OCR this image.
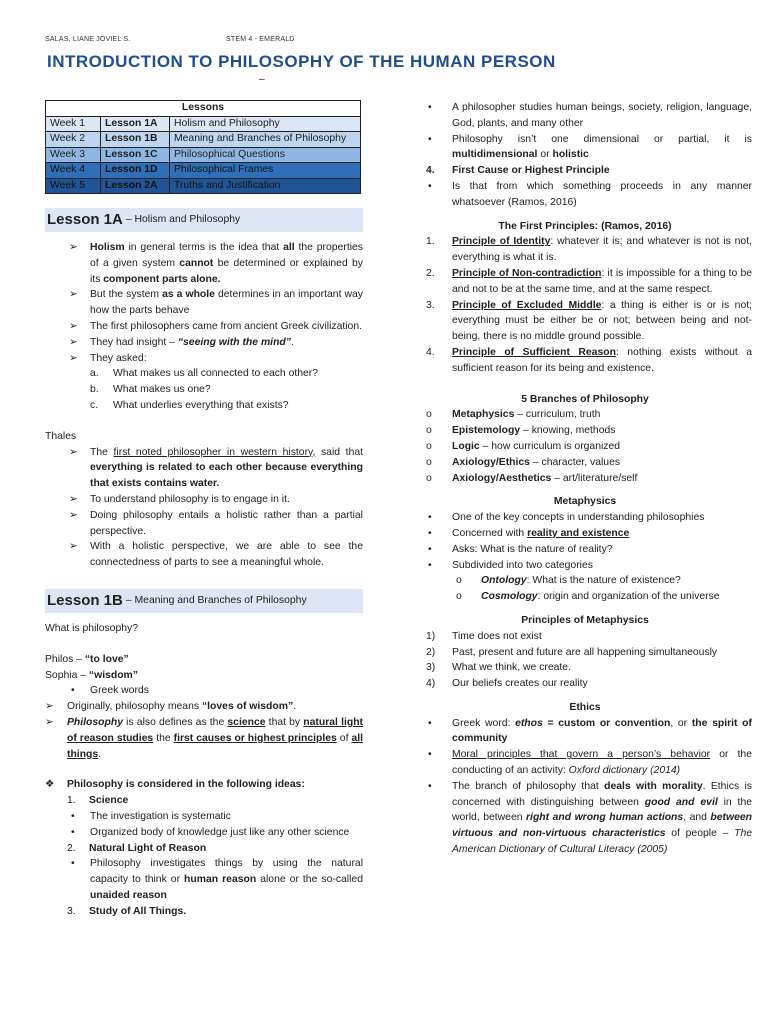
SALAS, LIANE JOVIEL S.	STEM 4 - EMERALD
INTRODUCTION TO PHILOSOPHY OF THE HUMAN PERSON
–
Lessons		
Week 1	Lesson 1A	Holism and Philosophy
Week 2	Lesson 1B	Meaning and Branches of Philosophy
Week 3	Lesson 1C	Philosophical Questions
Week 4	Lesson 1D	Philosophical Frames
Week 5	Lesson 2A	Truths and Justification
Lesson 1A – Holism and Philosophy
➢ Holism in general terms is the idea that all the properties of a given system cannot be determined or explained by its component parts alone.
➢ But the system as a whole determines in an important way how the parts behave
➢ The first philosophers came from ancient Greek civilization.
➢ They had insight – “seeing with the mind”.
➢ They asked:
a. What makes us all connected to each other?
b. What makes us one?
c. What underlies everything that exists?
Thales
➢ The first noted philosopher in western history, said that everything is related to each other because everything that exists contains water.
➢ To understand philosophy is to engage in it.
➢ Doing philosophy entails a holistic rather than a partial perspective.
➢ With a holistic perspective, we are able to see the connectedness of parts to see a meaningful whole.
Lesson 1B – Meaning and Branches of Philosophy
What is philosophy?
Philos – “to love”
Sophia – “wisdom”
• Greek words
➢ Originally, philosophy means “loves of wisdom”.
➢ Philosophy is also defines as the science that by natural light of reason studies the first causes or highest principles of all things.
❖ Philosophy is considered in the following ideas:
1. Science
• The investigation is systematic
• Organized body of knowledge just like any other science
2. Natural Light of Reason
• Philosophy investigates things by using the natural capacity to think or human reason alone or the so-called unaided reason
3. Study of All Things.
• A philosopher studies human beings, society, religion, language, God, plants, and many other
• Philosophy isn’t one dimensional or partial, it is multidimensional or holistic
4. First Cause or Highest Principle
• Is that from which something proceeds in any manner whatsoever (Ramos, 2016)
The First Principles: (Ramos, 2016)
1. Principle of Identity: whatever it is; and whatever is not is not, everything is what it is.
2. Principle of Non-contradiction: it is impossible for a thing to be and not to be at the same time, and at the same respect.
3. Principle of Excluded Middle: a thing is either is or is not; everything must be either be or not; between being and not-being, there is no middle ground possible.
4. Principle of Sufficient Reason: nothing exists without a sufficient reason for its being and existence.
5 Branches of Philosophy
o Metaphysics – curriculum, truth
o Epistemology – knowing, methods
o Logic – how curriculum is organized
o Axiology/Ethics – character, values
o Axiology/Aesthetics – art/literature/self
Metaphysics
• One of the key concepts in understanding philosophies
• Concerned with reality and existence
• Asks: What is the nature of reality?
• Subdivided into two categories
o Ontology: What is the nature of existence?
o Cosmology: origin and organization of the universe
Principles of Metaphysics
1) Time does not exist
2) Past, present and future are all happening simultaneously
3) What we think, we create.
4) Our beliefs creates our reality
Ethics
• Greek word: ethos = custom or convention, or the spirit of community
• Moral principles that govern a person’s behavior or the conducting of an activity: Oxford dictionary (2014)
• The branch of philosophy that deals with morality. Ethics is concerned with distinguishing between good and evil in the world, between right and wrong human actions, and between virtuous and non-virtuous characteristics of people – The American Dictionary of Cultural Literacy (2005)
